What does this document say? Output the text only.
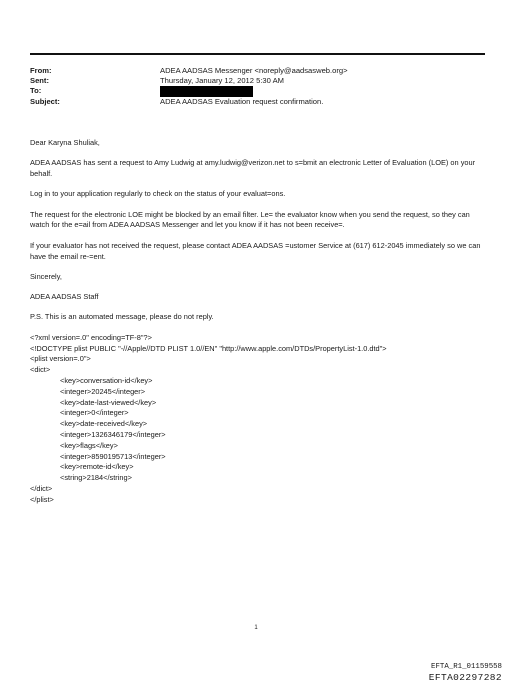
From:	ADEA AADSAS Messenger <noreply@aadsasweb.org>
Sent:	Thursday, January 12, 2012 5:30 AM
To:
Subject:	ADEA AADSAS Evaluation request confirmation.

Dear Karyna Shuliak,

ADEA AADSAS has sent a request to Amy Ludwig at amy.ludwig@verizon.net to s=bmit an electronic Letter of Evaluation (LOE) on your behalf.

Log in to your application regularly to check on the status of your evaluat=ons.

The request for the electronic LOE might be blocked by an email filter. Le= the evaluator know when you send the request, so they can watch for the e=ail from ADEA AADSAS Messenger and let you know if it has not been receive=.

If your evaluator has not received the request, please contact ADEA AADSAS =ustomer Service at (617) 612-2045 immediately so we can have the email re-=ent.

Sincerely,

ADEA AADSAS Staff

P.S. This is an automated message, please do not reply.

<?xml version=.0" encoding=TF-8"?>
<!DOCTYPE plist PUBLIC "-//Apple//DTD PLIST 1.0//EN" "http://www.apple.com/DTDs/PropertyList-1.0.dtd">
<plist version=.0">
<dict>
<key>conversation-id</key>
<integer>20245</integer>
<key>date-last-viewed</key>
<integer>0</integer>
<key>date-received</key>
<integer>1326346179</integer>
<key>flags</key>
<integer>8590195713</integer>
<key>remote-id</key>
<string>2184</string>
</dict>
</plist>
1
EFTA_R1_01159558
EFTA02297282
